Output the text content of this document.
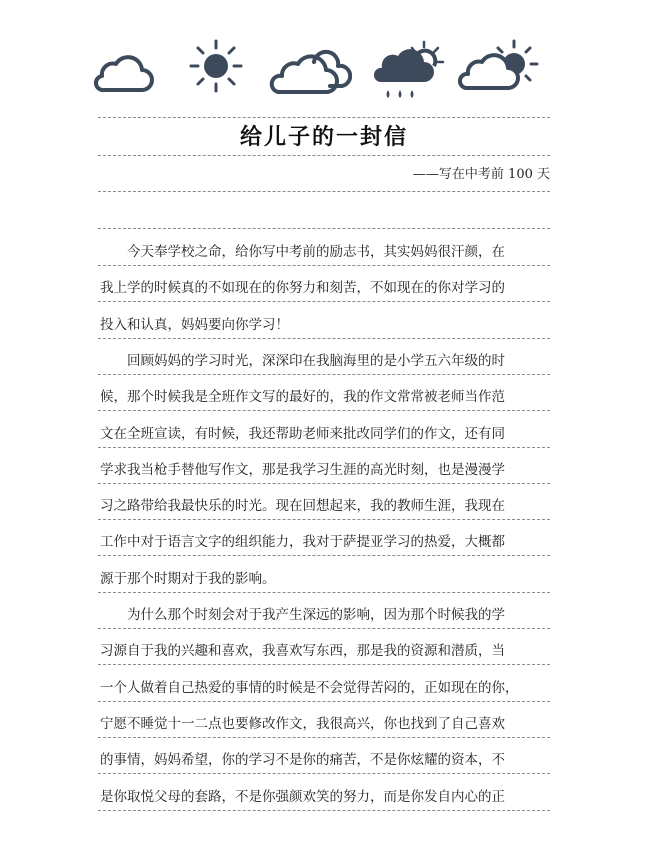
给儿子的一封信
——写在中考前 100 天
　　今天奉学校之命，给你写中考前的励志书，其实妈妈很汗颜，在
我上学的时候真的不如现在的你努力和刻苦，不如现在的你对学习的
投入和认真，妈妈要向你学习！
　　回顾妈妈的学习时光，深深印在我脑海里的是小学五六年级的时
候，那个时候我是全班作文写的最好的，我的作文常常被老师当作范
文在全班宣读，有时候，我还帮助老师来批改同学们的作文，还有同
学求我当枪手替他写作文，那是我学习生涯的高光时刻，也是漫漫学
习之路带给我最快乐的时光。现在回想起来，我的教师生涯，我现在
工作中对于语言文字的组织能力，我对于萨提亚学习的热爱，大概都
源于那个时期对于我的影响。
　　为什么那个时刻会对于我产生深远的影响，因为那个时候我的学
习源自于我的兴趣和喜欢，我喜欢写东西，那是我的资源和潜质，当
一个人做着自己热爱的事情的时候是不会觉得苦闷的，正如现在的你，
宁愿不睡觉十一二点也要修改作文，我很高兴，你也找到了自己喜欢
的事情，妈妈希望，你的学习不是你的痛苦，不是你炫耀的资本，不
是你取悦父母的套路，不是你强颜欢笑的努力，而是你发自内心的正
